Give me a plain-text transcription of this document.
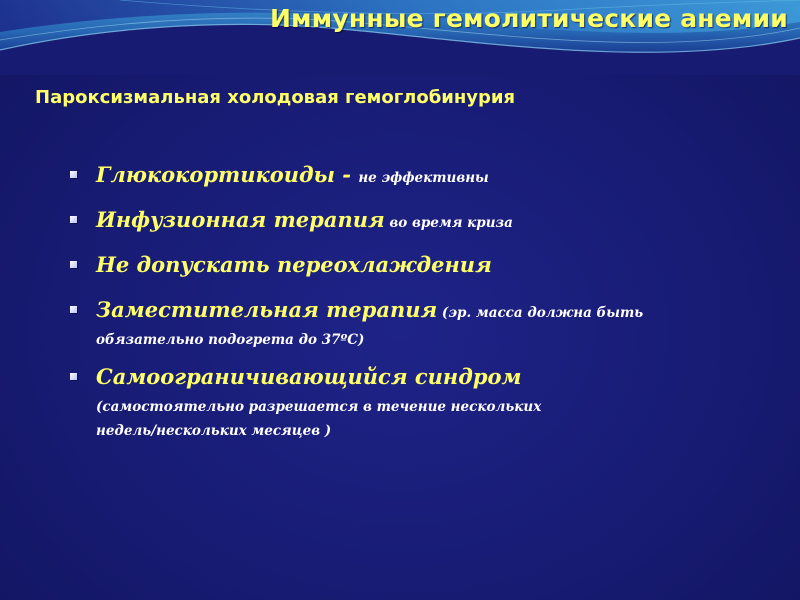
Иммунные гемолитические анемии
Пароксизмальная холодовая гемоглобинурия
Глюкокортикоиды - не эффективны
Инфузионная терапия во время криза
Не допускать переохлаждения
Заместительная терапия (эр. масса должна быть
обязательно подогрета до 37ºС)
Самоограничивающийся синдром
(самостоятельно разрешается в течение нескольких
недель/нескольких месяцев )
